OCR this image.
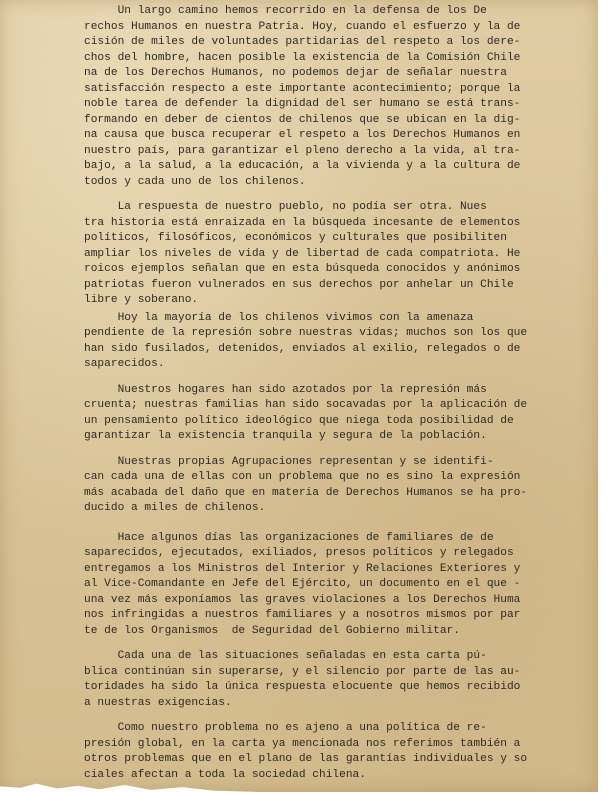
Un largo camino hemos recorrido en la defensa de los De
rechos Humanos en nuestra Patria. Hoy, cuando el esfuerzo y la de
cisión de miles de voluntades partidarias del respeto a los dere-
chos del hombre, hacen posible la existencia de la Comisión Chile
na de los Derechos Humanos, no podemos dejar de señalar nuestra
satisfacción respecto a este importante acontecimiento; porque la
noble tarea de defender la dignidad del ser humano se está trans-
formando en deber de cientos de chilenos que se ubican en la dig-
na causa que busca recuperar el respeto a los Derechos Humanos en
nuestro país, para garantizar el pleno derecho a la vida, al tra-
bajo, a la salud, a la educación, a la vivienda y a la cultura de
todos y cada uno de los chilenos.
La respuesta de nuestro pueblo, no podía ser otra. Nues
tra historia está enraizada en la búsqueda incesante de elementos
políticos, filosóficos, económicos y culturales que posibiliten
ampliar los niveles de vida y de libertad de cada compatriota. He
roicos ejemplos señalan que en esta búsqueda conocidos y anónimos
patriotas fueron vulnerados en sus derechos por anhelar un Chile
libre y soberano.
Hoy la mayoría de los chilenos vivimos con la amenaza
pendiente de la represión sobre nuestras vidas; muchos son los que
han sido fusilados, detenidos, enviados al exilio, relegados o de
saparecidos.
Nuestros hogares han sido azotados por la represión más
cruenta; nuestras familias han sido socavadas por la aplicación de
un pensamiento político ideológico que niega toda posibilidad de
garantizar la existencia tranquila y segura de la población.
Nuestras propias Agrupaciones representan y se identifi-
can cada una de ellas con un problema que no es sino la expresión
más acabada del daño que en materia de Derechos Humanos se ha pro-
ducido a miles de chilenos.
Hace algunos días las organizaciones de familiares de de
saparecidos, ejecutados, exiliados, presos políticos y relegados
entregamos a los Ministros del Interior y Relaciones Exteriores y
al Vice-Comandante en Jefe del Ejército, un documento en el que -
una vez más exponíamos las graves violaciones a los Derechos Huma
nos infringidas a nuestros familiares y a nosotros mismos por par
te de los Organismos  de Seguridad del Gobierno militar.
Cada una de las situaciones señaladas en esta carta pú-
blica continúan sin superarse, y el silencio por parte de las au-
toridades ha sido la única respuesta elocuente que hemos recibido
a nuestras exigencias.
Como nuestro problema no es ajeno a una política de re-
presión global, en la carta ya mencionada nos referimos también a
otros problemas que en el plano de las garantías individuales y so
ciales afectan a toda la sociedad chilena.
